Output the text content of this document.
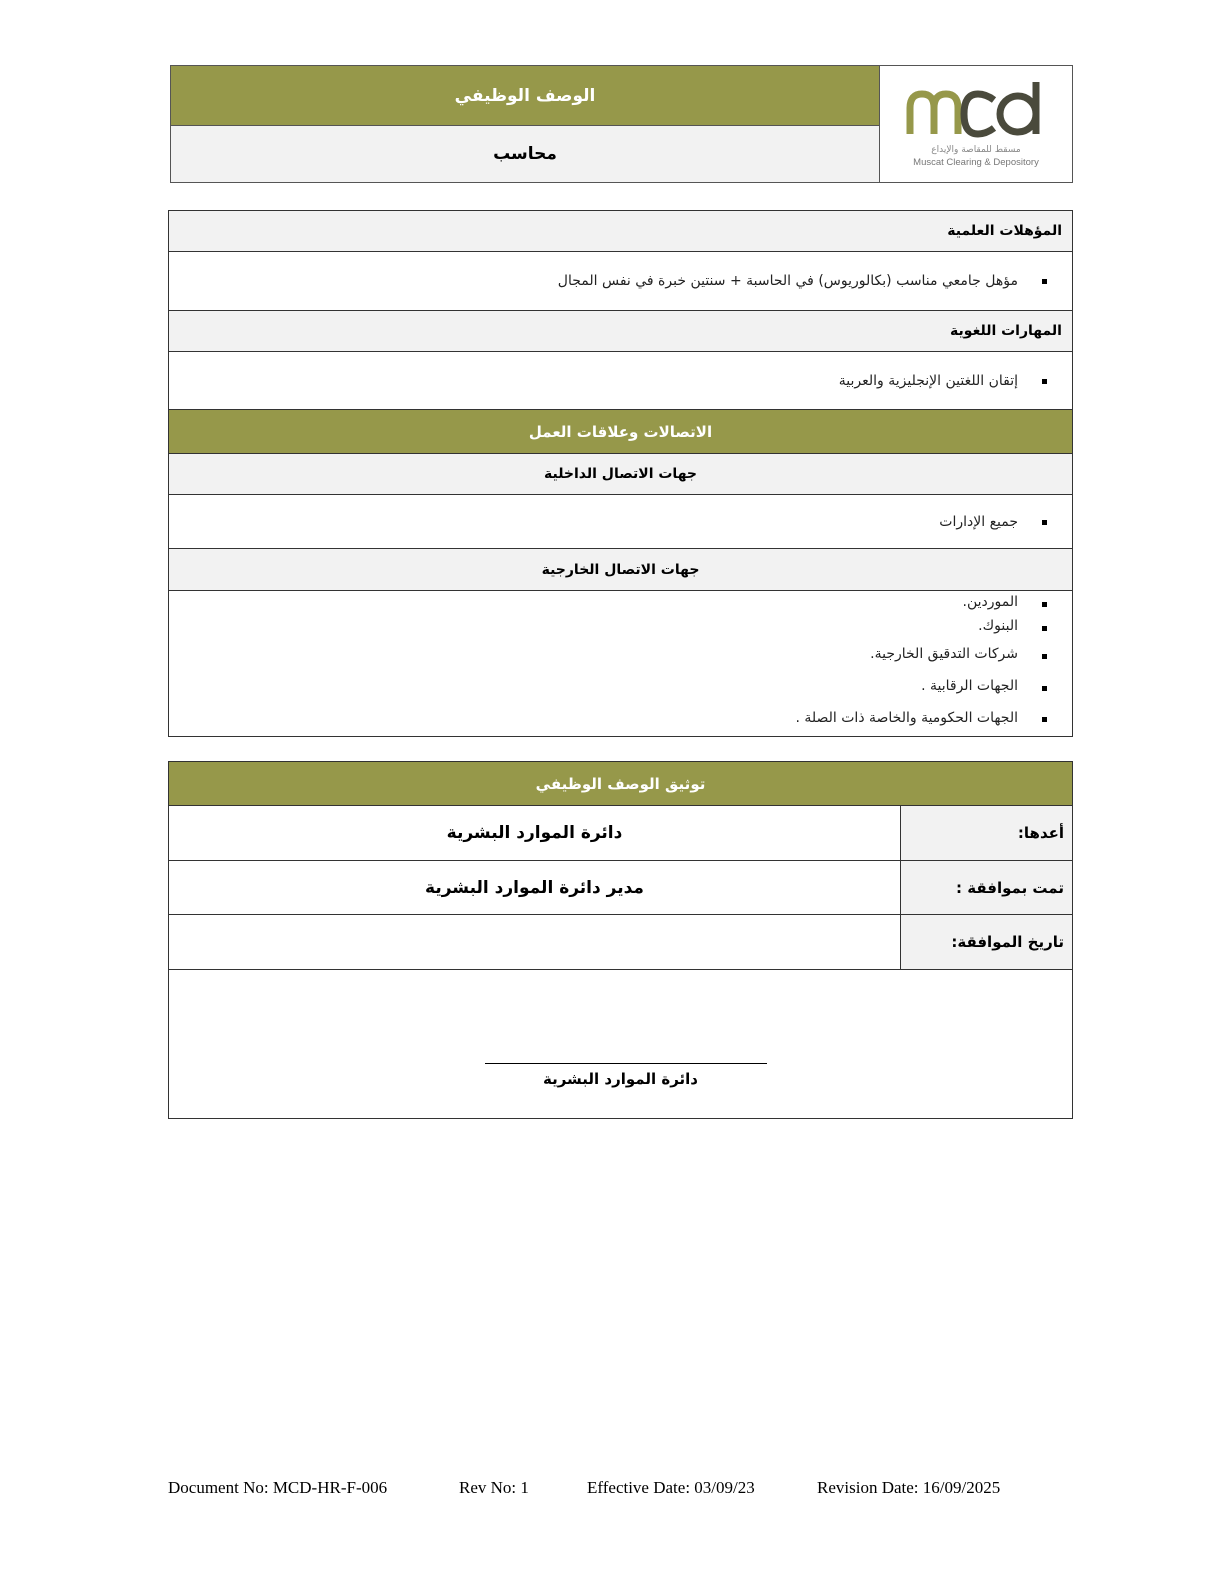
الوصف الوظيفي
محاسب	مسقط للمقاصة والإيداع
Muscat Clearing & Depository
المؤهلات العلمية
مؤهل جامعي مناسب (بكالوريوس) في الحاسبة + سنتين خبرة في نفس المجال
المهارات اللغوية
إتقان اللغتين الإنجليزية والعربية
الاتصالات وعلاقات العمل
جهات الاتصال الداخلية
جميع الإدارات
جهات الاتصال الخارجية
الموردين.
البنوك.
شركات التدقيق الخارجية.
الجهات الرقابية .
الجهات الحكومية والخاصة ذات الصلة .
توثيق الوصف الوظيفي
أعدها:
دائرة الموارد البشرية
تمت بموافقة :
مدير دائرة الموارد البشرية
تاريخ الموافقة:
دائرة الموارد البشرية
Document No: MCD-HR-F-006	Rev No: 1	Effective Date: 03/09/23	Revision Date: 16/09/2025
